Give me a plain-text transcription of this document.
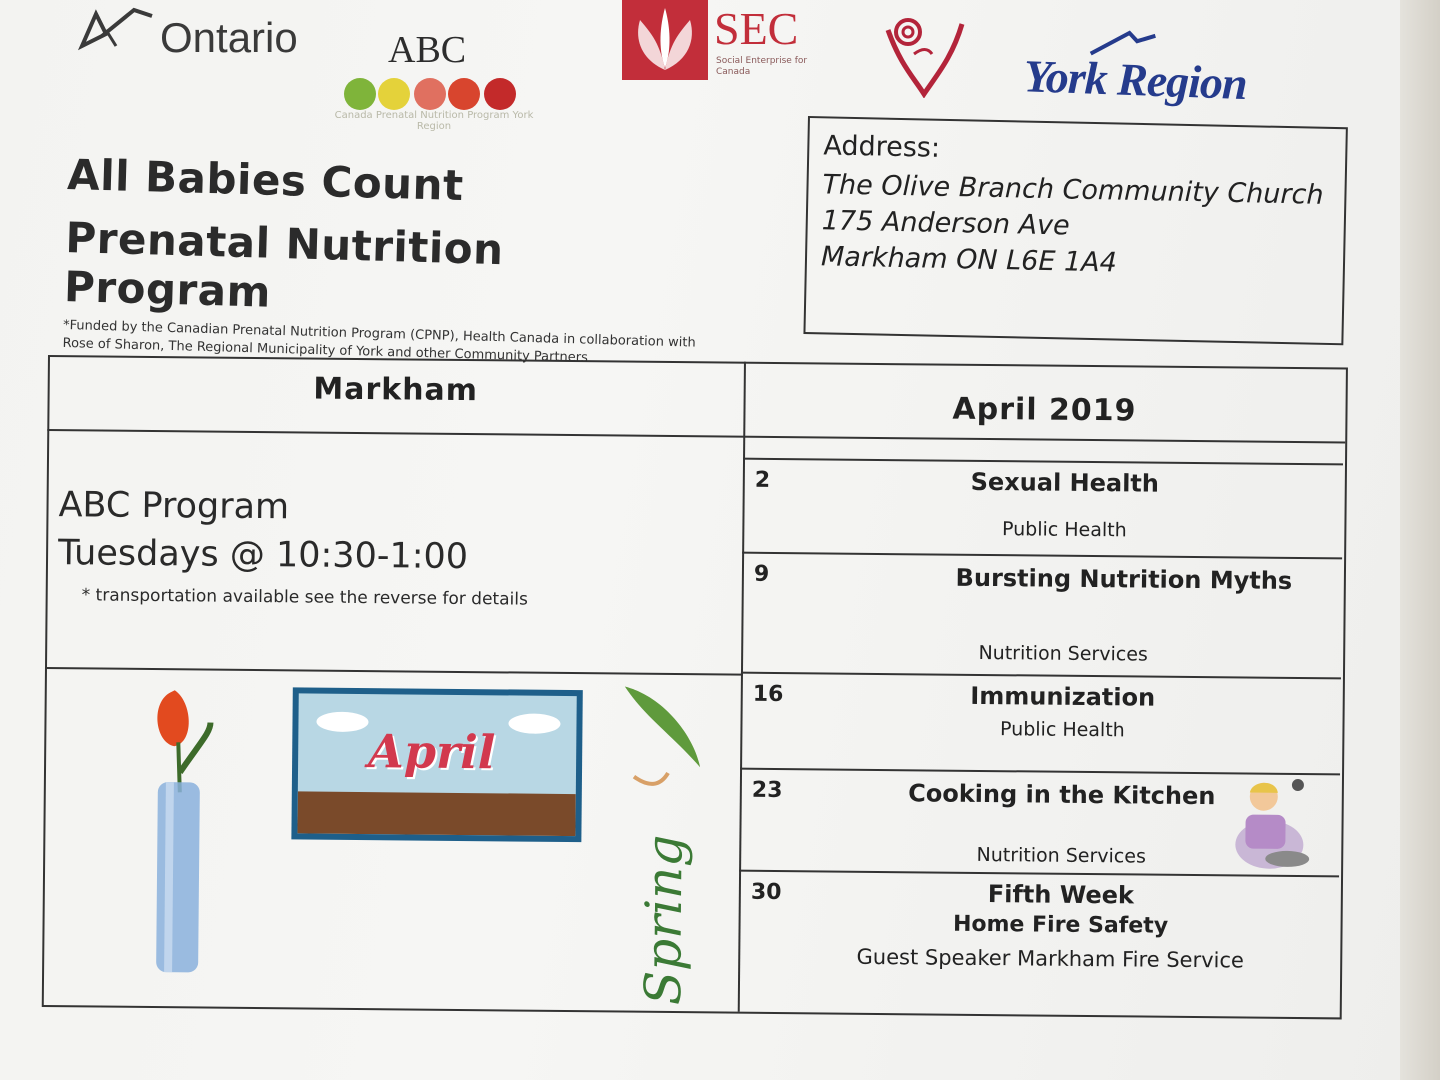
Ontario ABC
Canada Prenatal Nutrition Program York Region
SEC
Social Enterprise for Canada	York Region
All Babies Count
Prenatal Nutrition Program
*Funded by the Canadian Prenatal Nutrition Program (CPNP), Health Canada in collaboration with Rose of Sharon, The Regional Municipality of York and other Community Partners
Address:
The Olive Branch Community Church
175 Anderson Ave
Markham ON L6E 1A4
Markham
April 2019
ABC Program
Tuesdays @ 10:30-1:00
* transportation available see the reverse for details
2	Sexual Health
Public Health
9	Bursting Nutrition Myths
Nutrition Services
16	Immunization
Public Health
23	Cooking in the Kitchen
Nutrition Services
30	Fifth Week
Home Fire Safety
Guest Speaker Markham Fire Service
April
Spring
